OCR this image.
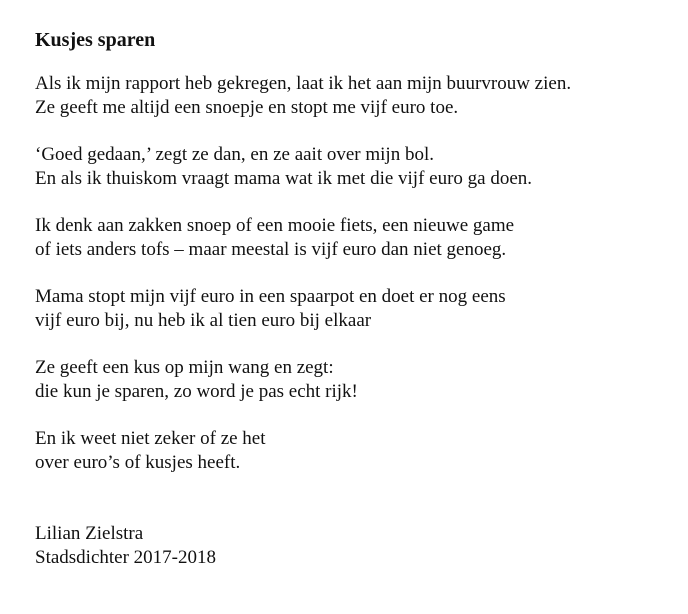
Kusjes sparen
Als ik mijn rapport heb gekregen, laat ik het aan mijn buurvrouw zien.
Ze geeft me altijd een snoepje en stopt me vijf euro toe.
‘Goed gedaan,’ zegt ze dan, en ze aait over mijn bol.
En als ik thuiskom vraagt mama wat ik met die vijf euro ga doen.
Ik denk aan zakken snoep of een mooie fiets, een nieuwe game
of iets anders tofs – maar meestal is vijf euro dan niet genoeg.
Mama stopt mijn vijf euro in een spaarpot en doet er nog eens
vijf euro bij, nu heb ik al tien euro bij elkaar
Ze geeft een kus op mijn wang en zegt:
die kun je sparen, zo word je pas echt rijk!
En ik weet niet zeker of ze het
over euro’s of kusjes heeft.
Lilian Zielstra
Stadsdichter 2017-2018
